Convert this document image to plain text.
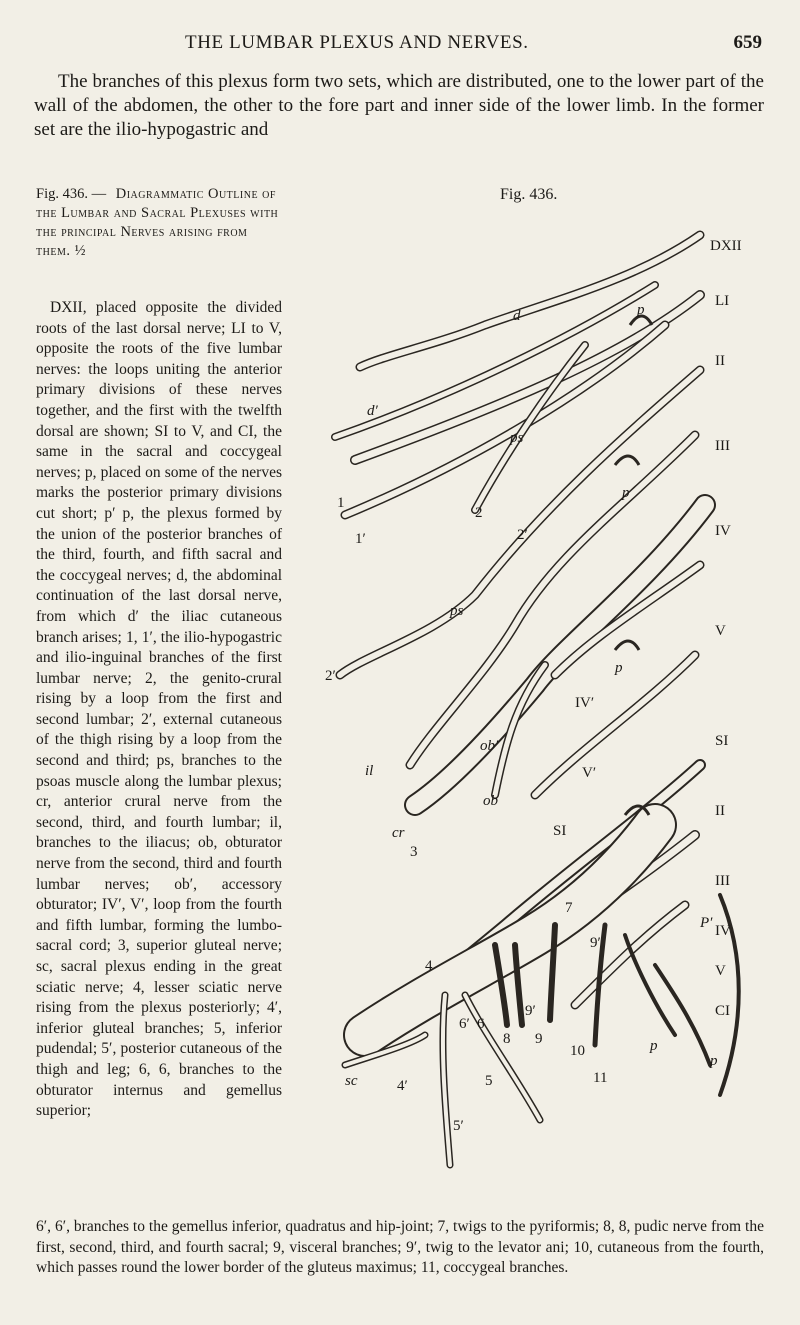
THE LUMBAR PLEXUS AND NERVES.	659

The branches of this plexus form two sets, which are distributed, one to the lower part of the wall of the abdomen, the other to the fore part and inner side of the lower limb. In the former set are the ilio-hypogastric and

Fig. 436. — Diagrammatic Outline of the Lumbar and Sacral Plexuses with the principal Nerves arising from them. ½

DXII, placed opposite the divided roots of the last dorsal nerve; LI to V, opposite the roots of the five lumbar nerves: the loops uniting the anterior primary divisions of these nerves together, and the first with the twelfth dorsal are shown; SI to V, and CI, the same in the sacral and coccygeal nerves; p, placed on some of the nerves marks the posterior primary divisions cut short; p′ p, the plexus formed by the union of the posterior branches of the third, fourth, and fifth sacral and the coccygeal nerves; d, the abdominal continuation of the last dorsal nerve, from which d′ the iliac cutaneous branch arises; 1, 1′, the ilio-hypogastric and ilio-inguinal branches of the first lumbar nerve; 2, the genito-crural rising by a loop from the first and second lumbar; 2′, external cutaneous of the thigh rising by a loop from the second and third; ps, branches to the psoas muscle along the lumbar plexus; cr, anterior crural nerve from the second, third, and fourth lumbar; il, branches to the iliacus; ob, obturator nerve from the second, third and fourth lumbar nerves; ob′, accessory obturator; IV′, V′, loop from the fourth and fifth lumbar, forming the lumbo-sacral cord; 3, superior gluteal nerve; sc, sacral plexus ending in the great sciatic nerve; 4, lesser sciatic nerve rising from the plexus posteriorly; 4′, inferior gluteal branches; 5, inferior pudendal; 5′, posterior cutaneous of the thigh and leg; 6, 6, branches to the obturator internus and gemellus superior;

Fig. 436.
DXII
LI
II
III
IV
V
SI
II
III
IV
V
CI
d
d′
1
1′
2
2′
2′
ps
ps
p
p
p
P′
p
p
il
cr
ob
ob′
IV′
V′
SI
3
sc
4
4′	5
5′
6
6′
7
8 9
9′
9′
10
11

6′, 6′, branches to the gemellus inferior, quadratus and hip-joint; 7, twigs to the pyriformis; 8, 8, pudic nerve from the first, second, third, and fourth sacral; 9, visceral branches; 9′, twig to the levator ani; 10, cutaneous from the fourth, which passes round the lower border of the gluteus maximus; 11, coccygeal branches.
